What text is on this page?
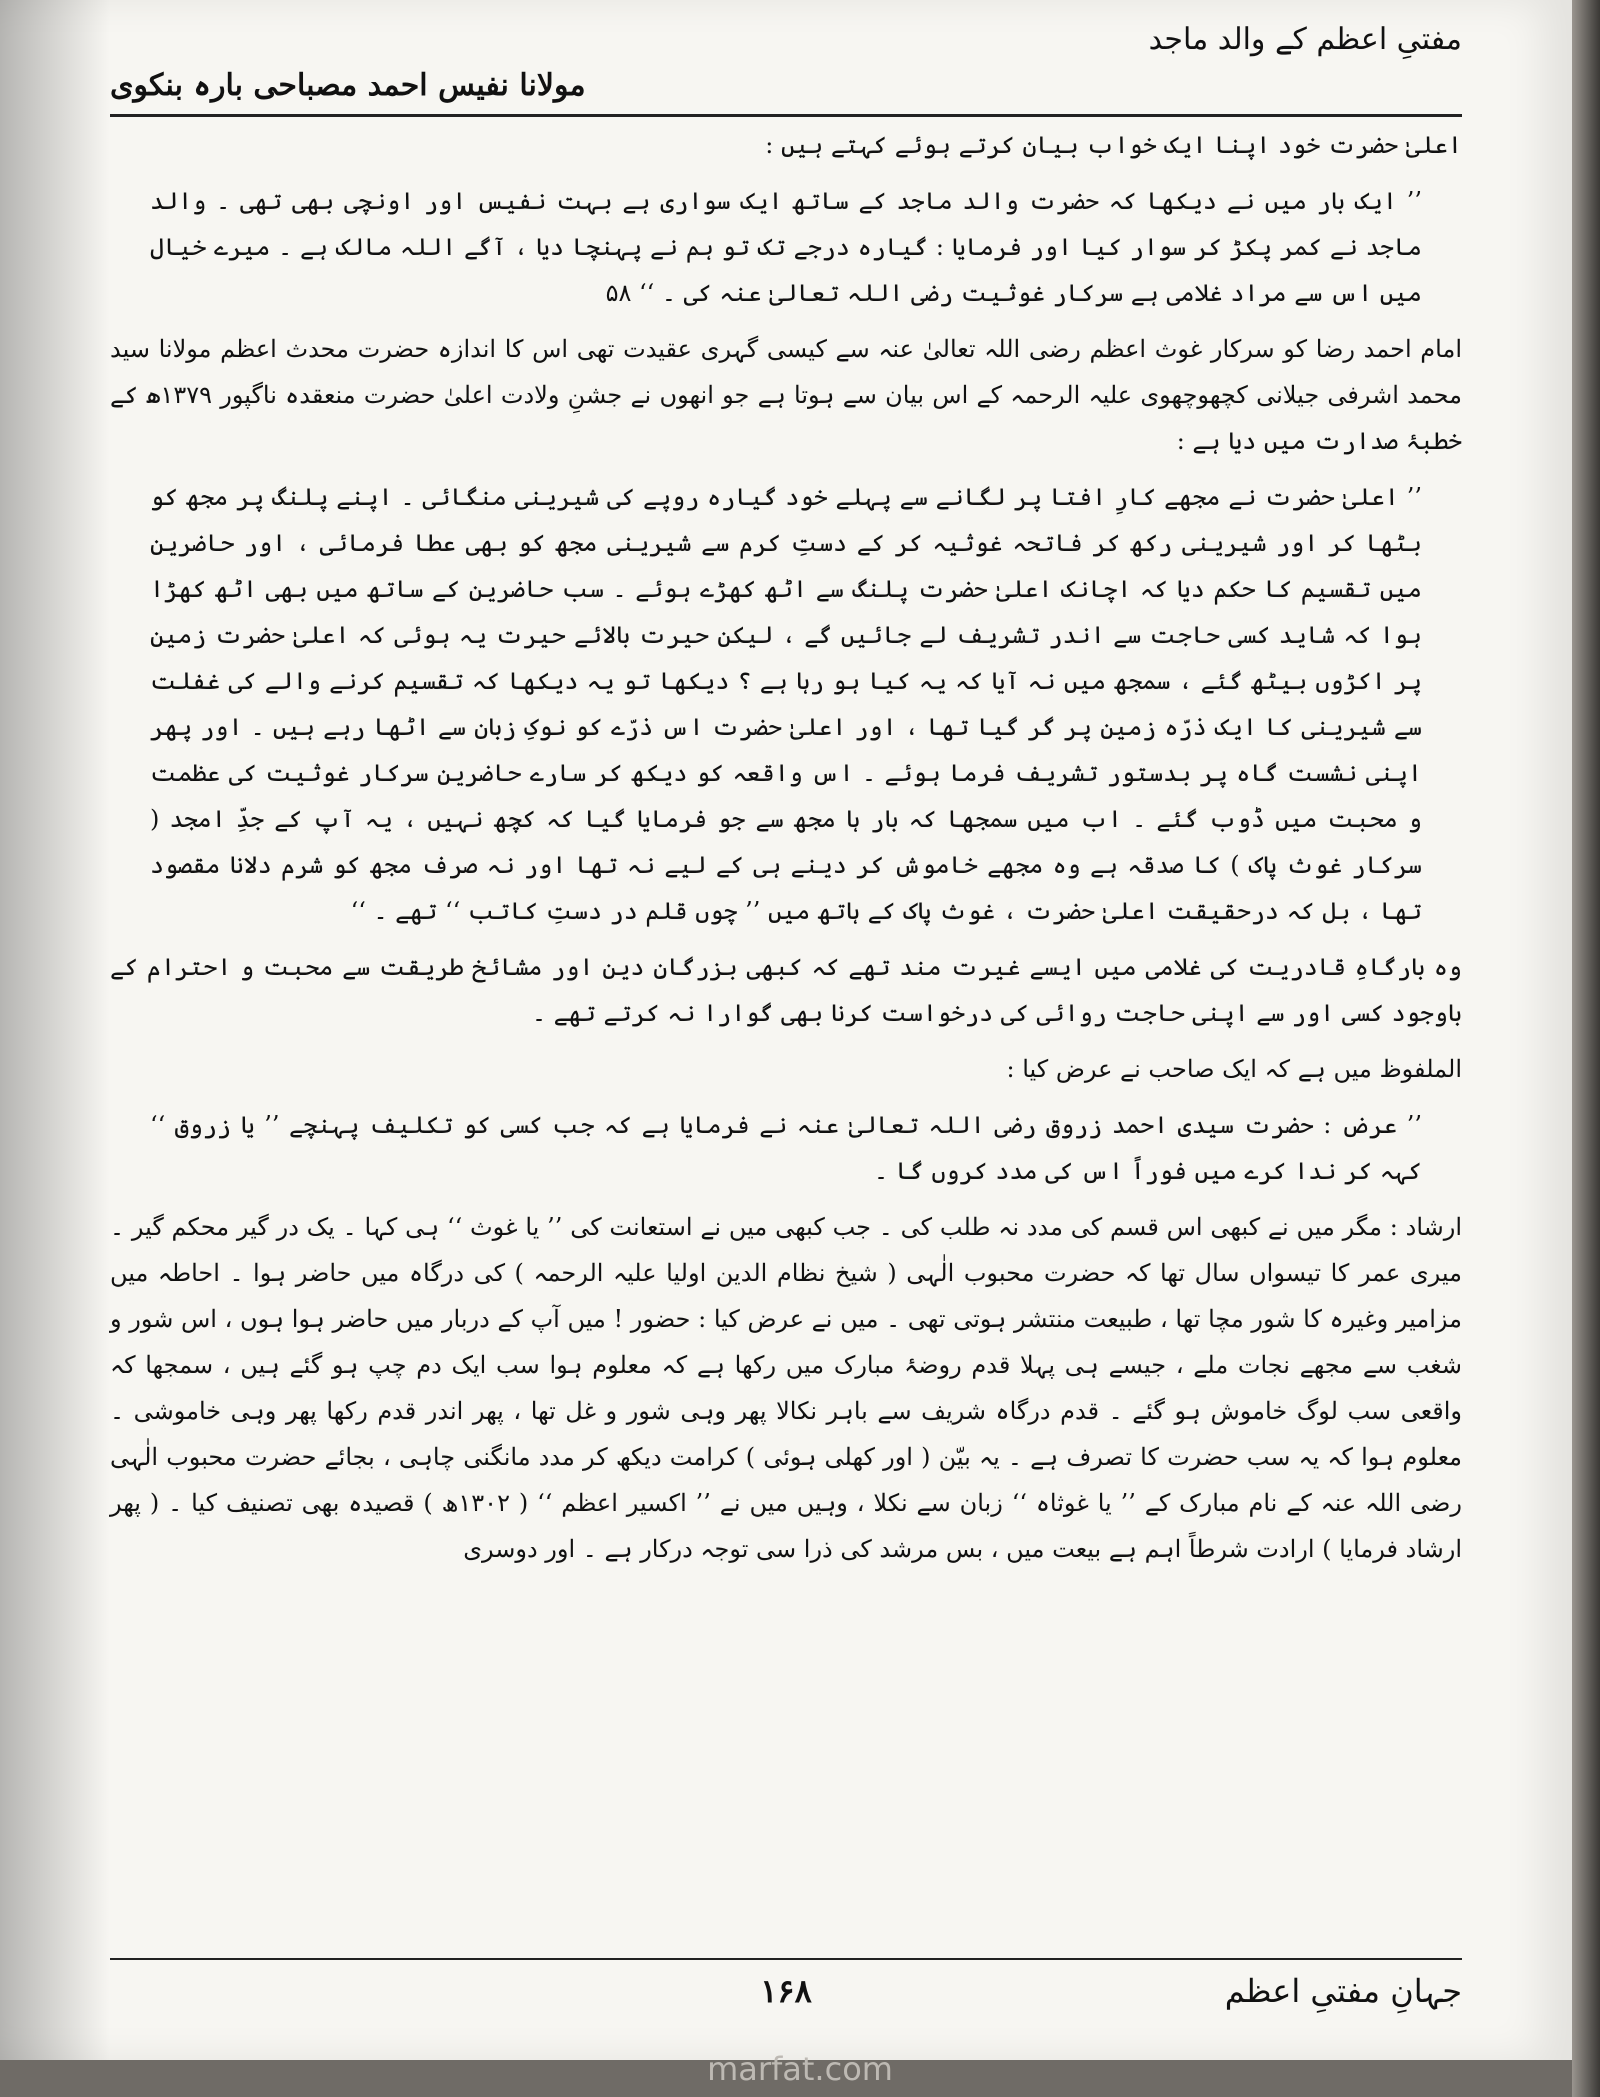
مفتیِ اعظم کے والد ماجد
مولانا نفیس احمد مصباحی بارہ بنکوی

اعلیٰ حضرت خود اپنا ایک خواب بیان کرتے ہوئے کہتے ہیں :

’’ ایک بار میں نے دیکھا کہ حضرت والد ماجد کے ساتھ ایک سواری ہے بہت نفیس اور اونچی بھی تھی ۔ والد ماجد نے کمر پکڑ کر سوار کیا اور فرمایا : گیارہ درجے تک تو ہم نے پہنچا دیا ، آگے اللہ مالک ہے ۔ میرے خیال میں اس سے مراد غلامی ہے سرکار غوثیت رضی اللہ تعالیٰ عنہ کی ۔ ‘‘ ۵۸

امام احمد رضا کو سرکار غوث اعظم رضی اللہ تعالیٰ عنہ سے کیسی گہری عقیدت تھی اس کا اندازہ حضرت محدث اعظم مولانا سید محمد اشرفی جیلانی کچھوچھوی علیہ الرحمہ کے اس بیان سے ہوتا ہے جو انھوں نے جشنِ ولادت اعلیٰ حضرت منعقدہ ناگپور ۱۳۷۹ھ کے خطبۂ صدارت میں دیا ہے :

’’ اعلیٰ حضرت نے مجھے کارِ افتا پر لگانے سے پہلے خود گیارہ روپے کی شیرینی منگائی ۔ اپنے پلنگ پر مجھ کو بٹھا کر اور شیرینی رکھ کر فاتحہ غوثیہ کر کے دستِ کرم سے شیرینی مجھ کو بھی عطا فرمائی ، اور حاضرین میں تقسیم کا حکم دیا کہ اچانک اعلیٰ حضرت پلنگ سے اٹھ کھڑے ہوئے ۔ سب حاضرین کے ساتھ میں بھی اٹھ کھڑا ہوا کہ شاید کسی حاجت سے اندر تشریف لے جائیں گے ، لیکن حیرت بالائے حیرت یہ ہوئی کہ اعلیٰ حضرت زمین پر اکڑوں بیٹھ گئے ، سمجھ میں نہ آیا کہ یہ کیا ہو رہا ہے ؟ دیکھا تو یہ دیکھا کہ تقسیم کرنے والے کی غفلت سے شیرینی کا ایک ذرّہ زمین پر گر گیا تھا ، اور اعلیٰ حضرت اس ذرّے کو نوکِ زبان سے اٹھا رہے ہیں ۔ اور پھر اپنی نشست گاہ پر بدستور تشریف فرما ہوئے ۔ اس واقعہ کو دیکھ کر سارے حاضرین سرکار غوثیت کی عظمت و محبت میں ڈوب گئے ۔ اب میں سمجھا کہ بار ہا مجھ سے جو فرمایا گیا کہ کچھ نہیں ، یہ آپ کے جدِّ امجد ( سرکار غوث پاک ) کا صدقہ ہے وہ مجھے خاموش کر دینے ہی کے لیے نہ تھا اور نہ صرف مجھ کو شرم دلانا مقصود تھا ، بل کہ درحقیقت اعلیٰ حضرت ، غوث پاک کے ہاتھ میں ’’ چوں قلم در دستِ کاتب ‘‘ تھے ۔ ‘‘

وہ بارگاہِ قادریت کی غلامی میں ایسے غیرت مند تھے کہ کبھی بزرگانِ دین اور مشائخ طریقت سے محبت و احترام کے باوجود کسی اور سے اپنی حاجت روائی کی درخواست کرنا بھی گوارا نہ کرتے تھے ۔

الملفوظ میں ہے کہ ایک صاحب نے عرض کیا :

’’ عرض : حضرت سیدی احمد زروق رضی اللہ تعالیٰ عنہ نے فرمایا ہے کہ جب کسی کو تکلیف پہنچے ’’ یا زروق ‘‘ کہہ کر ندا کرے میں فوراً اس کی مدد کروں گا ۔

ارشاد : مگر میں نے کبھی اس قسم کی مدد نہ طلب کی ۔ جب کبھی میں نے استعانت کی ’’ یا غوث ‘‘ ہی کہا ۔ یک در گیر محکم گیر ۔ میری عمر کا تیسواں سال تھا کہ حضرت محبوب الٰہی ( شیخ نظام الدین اولیا علیہ الرحمہ ) کی درگاہ میں حاضر ہوا ۔ احاطہ میں مزامیر وغیرہ کا شور مچا تھا ، طبیعت منتشر ہوتی تھی ۔ میں نے عرض کیا : حضور ! میں آپ کے دربار میں حاضر ہوا ہوں ، اس شور و شغب سے مجھے نجات ملے ، جیسے ہی پہلا قدم روضۂ مبارک میں رکھا ہے کہ معلوم ہوا سب ایک دم چپ ہو گئے ہیں ، سمجھا کہ واقعی سب لوگ خاموش ہو گئے ۔ قدم درگاہ شریف سے باہر نکالا پھر وہی شور و غل تھا ، پھر اندر قدم رکھا پھر وہی خاموشی ۔ معلوم ہوا کہ یہ سب حضرت کا تصرف ہے ۔ یہ بیّن ( اور کھلی ہوئی ) کرامت دیکھ کر مدد مانگنی چاہی ، بجائے حضرت محبوب الٰہی رضی اللہ عنہ کے نام مبارک کے ’’ یا غوثاہ ‘‘ زبان سے نکلا ، وہیں میں نے ’’ اکسیر اعظم ‘‘ ( ۱۳۰۲ھ ) قصیدہ بھی تصنیف کیا ۔ ( پھر ارشاد فرمایا ) ارادت شرطاً اہم ہے بیعت میں ، بس مرشد کی ذرا سی توجہ درکار ہے ۔ اور دوسری

۱۶۸	جہانِ مفتیِ اعظم
marfat.com
